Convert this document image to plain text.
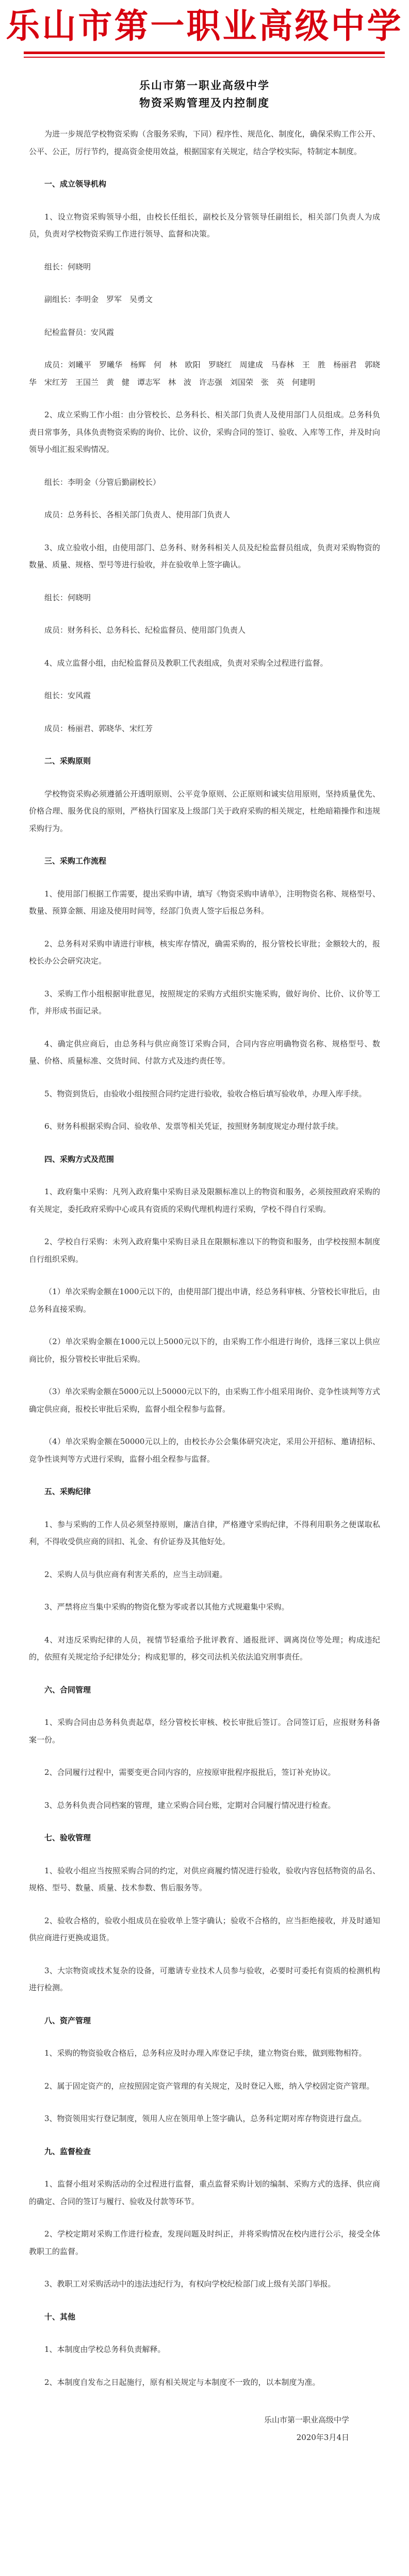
乐山市第一职业高级中学
乐山市第一职业高级中学
物资采购管理及内控制度

为进一步规范学校物资采购（含服务采购，下同）程序性、规范化、制度化，确保采购工作公开、公平、公正，厉行节约，提高资金使用效益，根据国家有关规定，结合学校实际，特制定本制度。

一、成立领导机构

1、设立物资采购领导小组，由校长任组长，副校长及分管领导任副组长，相关部门负责人为成员，负责对学校物资采购工作进行领导、监督和决策。

组长：何晓明

副组长：李明金　罗军　吴勇文

纪检监督员：安风霞

成员：刘曦平　罗曦华　杨辉　何　林　欧阳　罗晓红　周建成　马春林　王　胜　杨丽君　郭晓华　宋红芳　王国兰　黄　健　谭志军　林　波　许志强　刘国荣　张　英　何建明

2、成立采购工作小组：由分管校长、总务科长、相关部门负责人及使用部门人员组成。总务科负责日常事务，具体负责物资采购的询价、比价、议价，采购合同的签订、验收、入库等工作，并及时向领导小组汇报采购情况。

组长：李明金（分管后勤副校长）

成员：总务科长、各相关部门负责人、使用部门负责人

3、成立验收小组，由使用部门、总务科、财务科相关人员及纪检监督员组成，负责对采购物资的数量、质量、规格、型号等进行验收，并在验收单上签字确认。

组长：何晓明

成员：财务科长、总务科长、纪检监督员、使用部门负责人

4、成立监督小组，由纪检监督员及教职工代表组成，负责对采购全过程进行监督。

组长：安风霞

成员：杨丽君、郭晓华、宋红芳

二、采购原则

学校物资采购必须遵循公开透明原则、公平竞争原则、公正原则和诚实信用原则，坚持质量优先、价格合理、服务优良的原则，严格执行国家及上级部门关于政府采购的相关规定，杜绝暗箱操作和违规采购行为。

三、采购工作流程

1、使用部门根据工作需要，提出采购申请，填写《物资采购申请单》，注明物资名称、规格型号、数量、预算金额、用途及使用时间等，经部门负责人签字后报总务科。

2、总务科对采购申请进行审核，核实库存情况，确需采购的，报分管校长审批；金额较大的，报校长办公会研究决定。

3、采购工作小组根据审批意见，按照规定的采购方式组织实施采购，做好询价、比价、议价等工作，并形成书面记录。

4、确定供应商后，由总务科与供应商签订采购合同，合同内容应明确物资名称、规格型号、数量、价格、质量标准、交货时间、付款方式及违约责任等。

5、物资到货后，由验收小组按照合同约定进行验收，验收合格后填写验收单，办理入库手续。

6、财务科根据采购合同、验收单、发票等相关凭证，按照财务制度规定办理付款手续。

四、采购方式及范围

1、政府集中采购：凡列入政府集中采购目录及限额标准以上的物资和服务，必须按照政府采购的有关规定，委托政府采购中心或具有资质的采购代理机构进行采购，学校不得自行采购。

2、学校自行采购：未列入政府集中采购目录且在限额标准以下的物资和服务，由学校按照本制度自行组织采购。

（1）单次采购金额在1000元以下的，由使用部门提出申请，经总务科审核、分管校长审批后，由总务科直接采购。

（2）单次采购金额在1000元以上5000元以下的，由采购工作小组进行询价，选择三家以上供应商比价，报分管校长审批后采购。

（3）单次采购金额在5000元以上50000元以下的，由采购工作小组采用询价、竞争性谈判等方式确定供应商，报校长审批后采购，监督小组全程参与监督。

（4）单次采购金额在50000元以上的，由校长办公会集体研究决定，采用公开招标、邀请招标、竞争性谈判等方式进行采购，监督小组全程参与监督。

五、采购纪律

1、参与采购的工作人员必须坚持原则，廉洁自律，严格遵守采购纪律，不得利用职务之便谋取私利，不得收受供应商的回扣、礼金、有价证券及其他好处。

2、采购人员与供应商有利害关系的，应当主动回避。

3、严禁将应当集中采购的物资化整为零或者以其他方式规避集中采购。

4、对违反采购纪律的人员，视情节轻重给予批评教育、通报批评、调离岗位等处理；构成违纪的，依照有关规定给予纪律处分；构成犯罪的，移交司法机关依法追究刑事责任。

六、合同管理

1、采购合同由总务科负责起草，经分管校长审核、校长审批后签订。合同签订后，应报财务科备案一份。

2、合同履行过程中，需要变更合同内容的，应按原审批程序报批后，签订补充协议。

3、总务科负责合同档案的管理，建立采购合同台账，定期对合同履行情况进行检查。

七、验收管理

1、验收小组应当按照采购合同的约定，对供应商履约情况进行验收，验收内容包括物资的品名、规格、型号、数量、质量、技术参数、售后服务等。

2、验收合格的，验收小组成员在验收单上签字确认；验收不合格的，应当拒绝接收，并及时通知供应商进行更换或退货。

3、大宗物资或技术复杂的设备，可邀请专业技术人员参与验收，必要时可委托有资质的检测机构进行检测。

八、资产管理

1、采购的物资验收合格后，总务科应及时办理入库登记手续，建立物资台账，做到账物相符。

2、属于固定资产的，应按照固定资产管理的有关规定，及时登记入账，纳入学校固定资产管理。

3、物资领用实行登记制度，领用人应在领用单上签字确认，总务科定期对库存物资进行盘点。

九、监督检查

1、监督小组对采购活动的全过程进行监督，重点监督采购计划的编制、采购方式的选择、供应商的确定、合同的签订与履行、验收及付款等环节。

2、学校定期对采购工作进行检查，发现问题及时纠正，并将采购情况在校内进行公示，接受全体教职工的监督。

3、教职工对采购活动中的违法违纪行为，有权向学校纪检部门或上级有关部门举报。

十、其他

1、本制度由学校总务科负责解释。

2、本制度自发布之日起施行，原有相关规定与本制度不一致的，以本制度为准。

乐山市第一职业高级中学

2020年3月4日
